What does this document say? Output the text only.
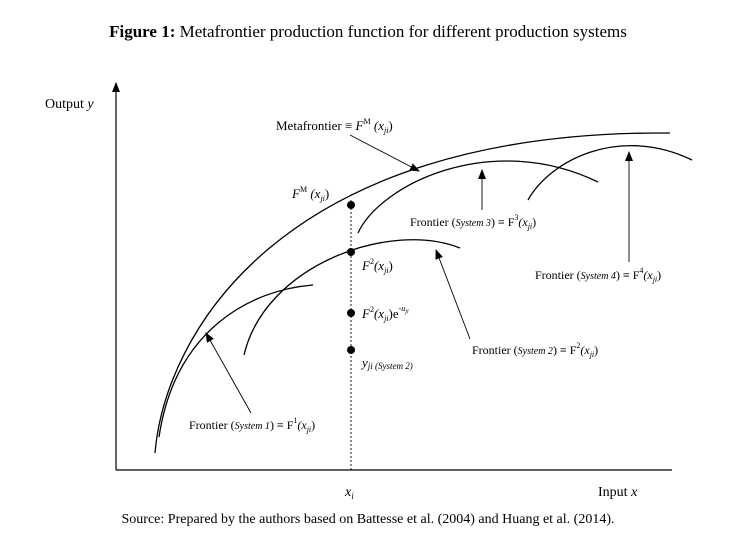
Figure 1: Metafrontier production function for different production systems
Output y
Input x
$x_i$
Metafrontier ≡ $F^M$ $(x_{ji})$
$F^M$ $(x_{ji})$
$F^2(x_{ji})$
$F^2(x_{ji})e^{-u}ji$
yji (System 2)
Frontier (System $1) \equiv F^1(x_{ji})$
Frontier (System $2) \equiv F^2(x_{ji})$
Frontier (System $3) \equiv F^3(x_{ji})$
Frontier (System $4) \equiv F^4(x_{ji})$
Source: Prepared by the authors based on Battesse et al. (2004) and Huang et al. (2014).
